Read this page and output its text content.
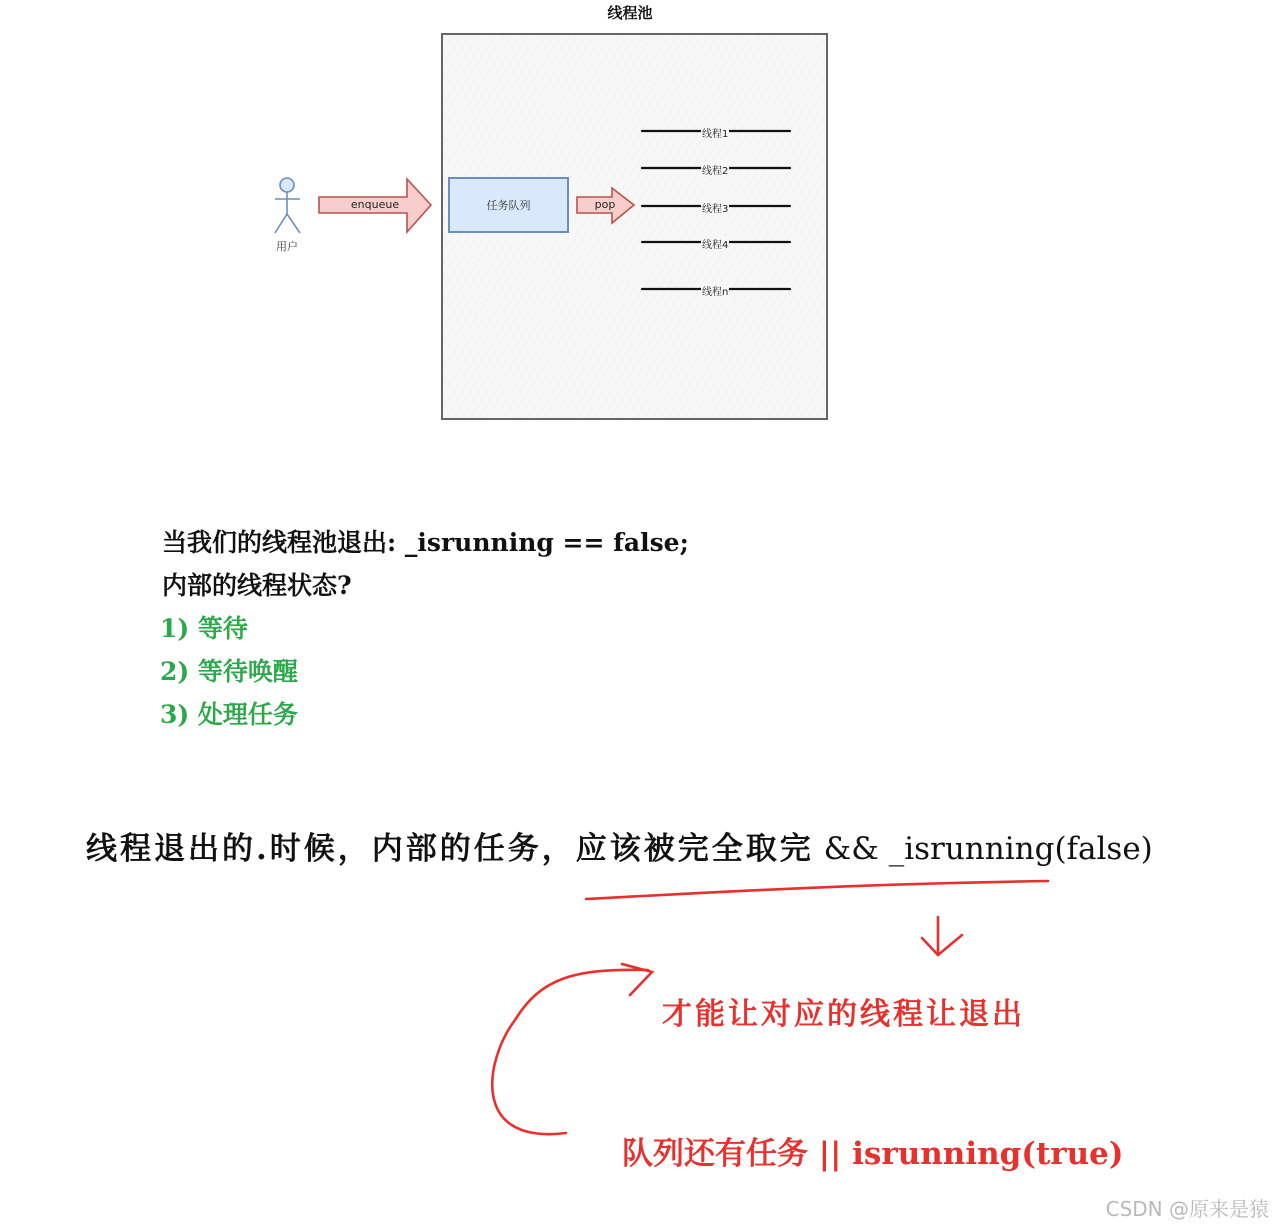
线程池
用户
enqueue	任务队列	pop
线程1
线程2
线程3
线程4
线程n
当我们的线程池退出: _isrunning == false;
内部的线程状态?
1) 等待
2) 等待唤醒
3) 处理任务
线程退出的.时候，内部的任务，应该被完全取完 && _isrunning(false)
才能让对应的线程让退出
队列还有任务 || isrunning(true)
CSDN @原来是猿
